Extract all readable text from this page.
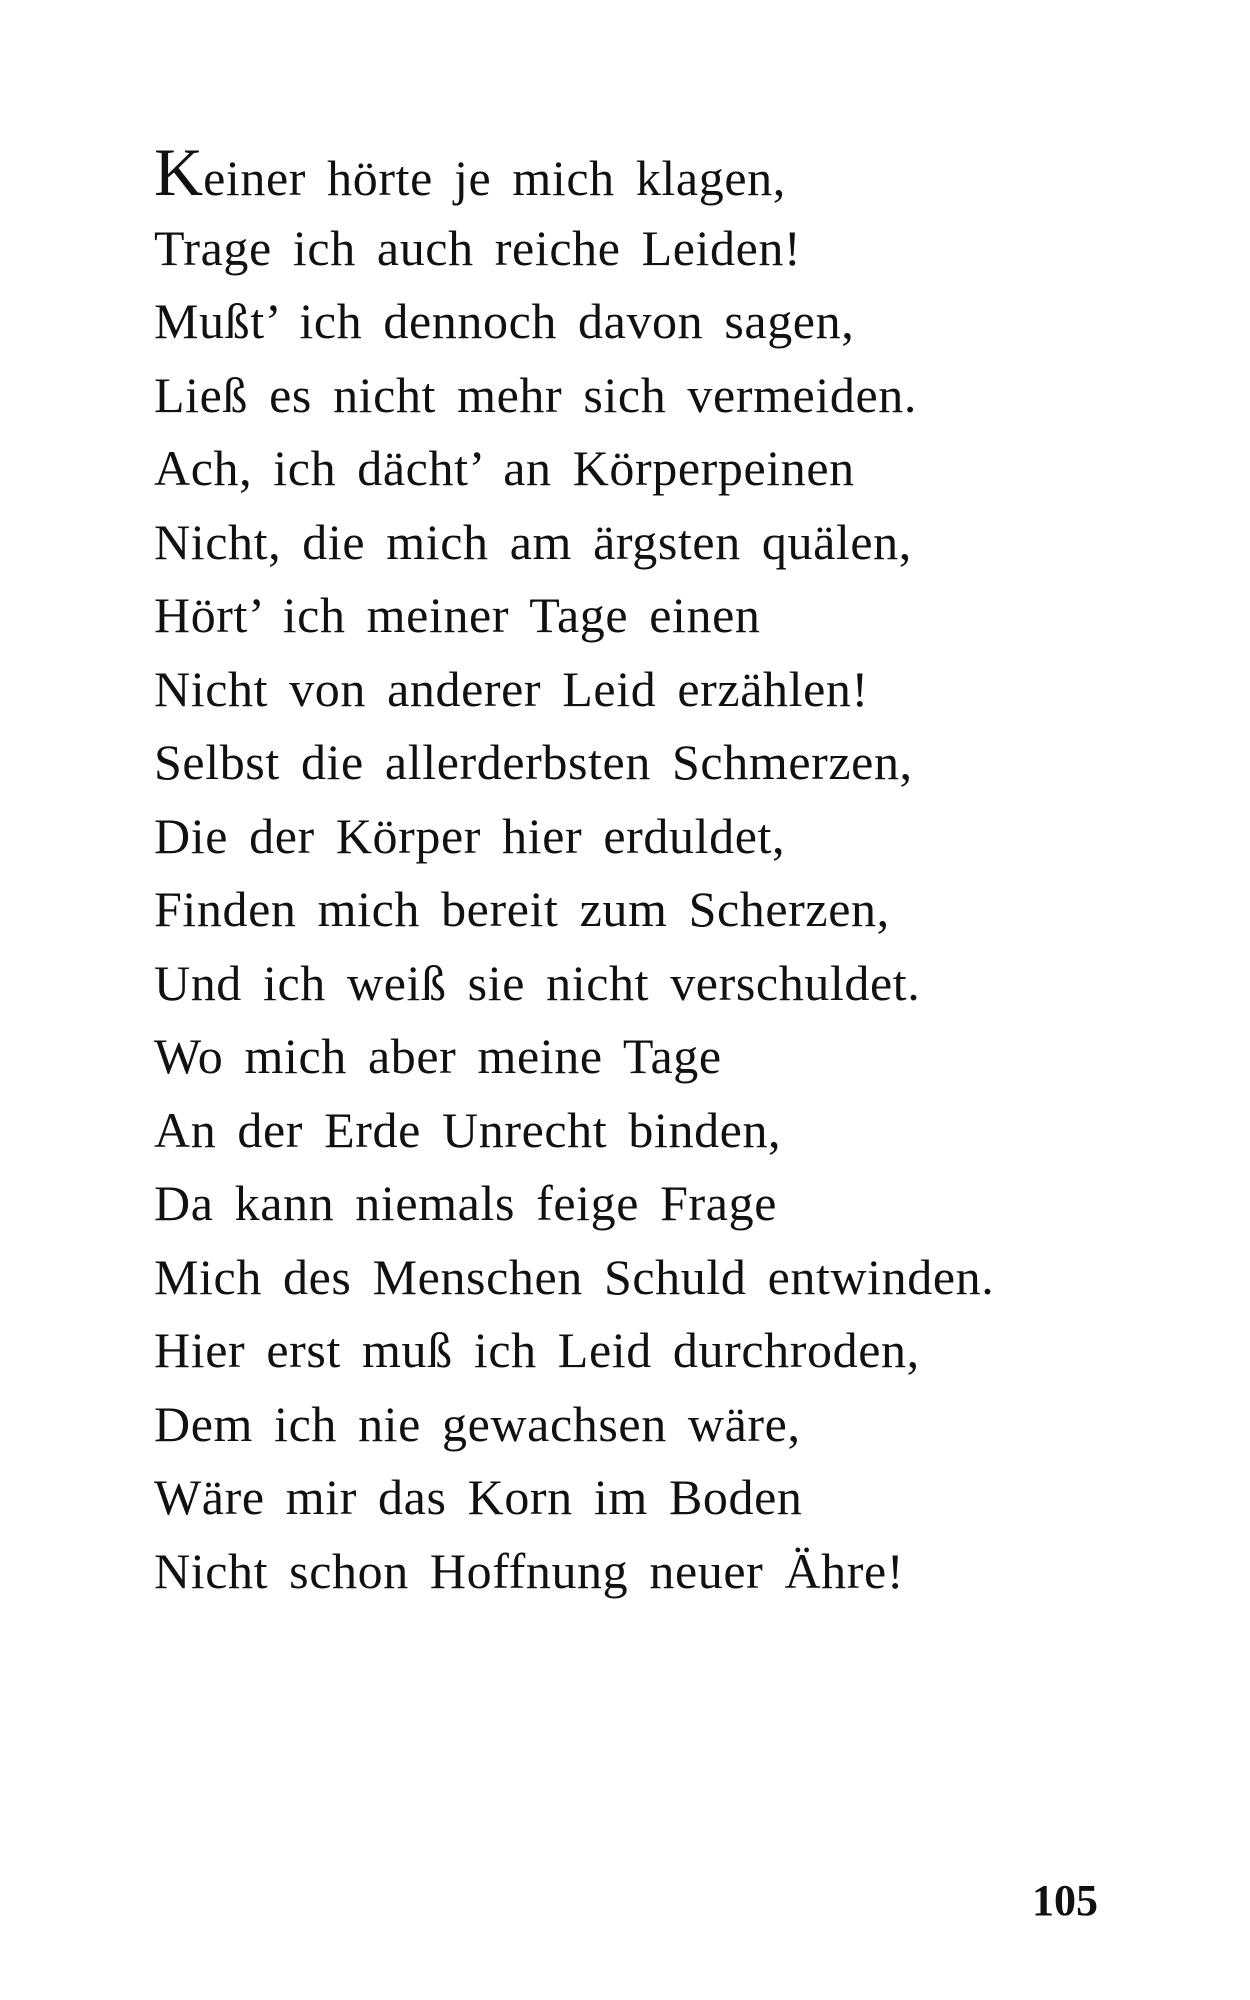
Keiner hörte je mich klagen,
Trage ich auch reiche Leiden!
Mußt’ ich dennoch davon sagen,
Ließ es nicht mehr sich vermeiden.
Ach, ich dächt’ an Körperpeinen
Nicht, die mich am ärgsten quälen,
Hört’ ich meiner Tage einen
Nicht von anderer Leid erzählen!
Selbst die allerderbsten Schmerzen,
Die der Körper hier erduldet,
Finden mich bereit zum Scherzen,
Und ich weiß sie nicht verschuldet.
Wo mich aber meine Tage
An der Erde Unrecht binden,
Da kann niemals feige Frage
Mich des Menschen Schuld entwinden.
Hier erst muß ich Leid durchroden,
Dem ich nie gewachsen wäre,
Wäre mir das Korn im Boden
Nicht schon Hoffnung neuer Ähre!
105
